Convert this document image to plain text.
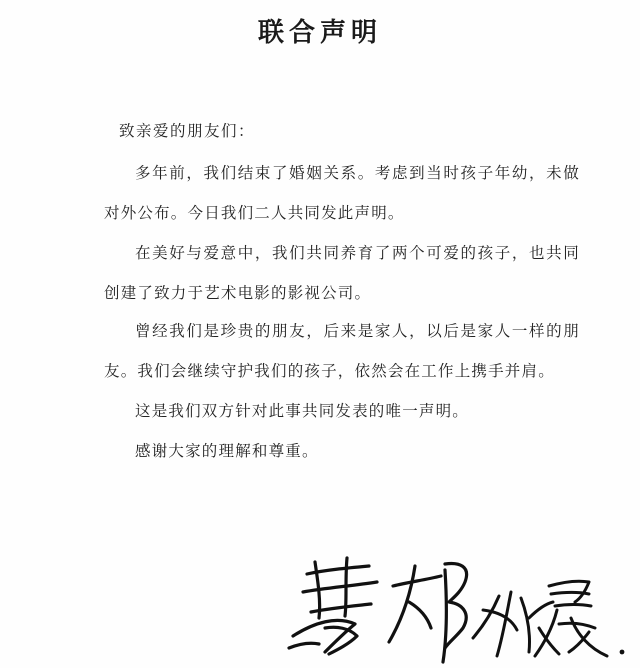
联合声明

致亲爱的朋友们：

多年前，我们结束了婚姻关系。考虑到当时孩子年幼，未做对外公布。今日我们二人共同发此声明。

在美好与爱意中，我们共同养育了两个可爱的孩子，也共同创建了致力于艺术电影的影视公司。

曾经我们是珍贵的朋友，后来是家人，以后是家人一样的朋友。我们会继续守护我们的孩子，依然会在工作上携手并肩。

这是我们双方针对此事共同发表的唯一声明。

感谢大家的理解和尊重。
